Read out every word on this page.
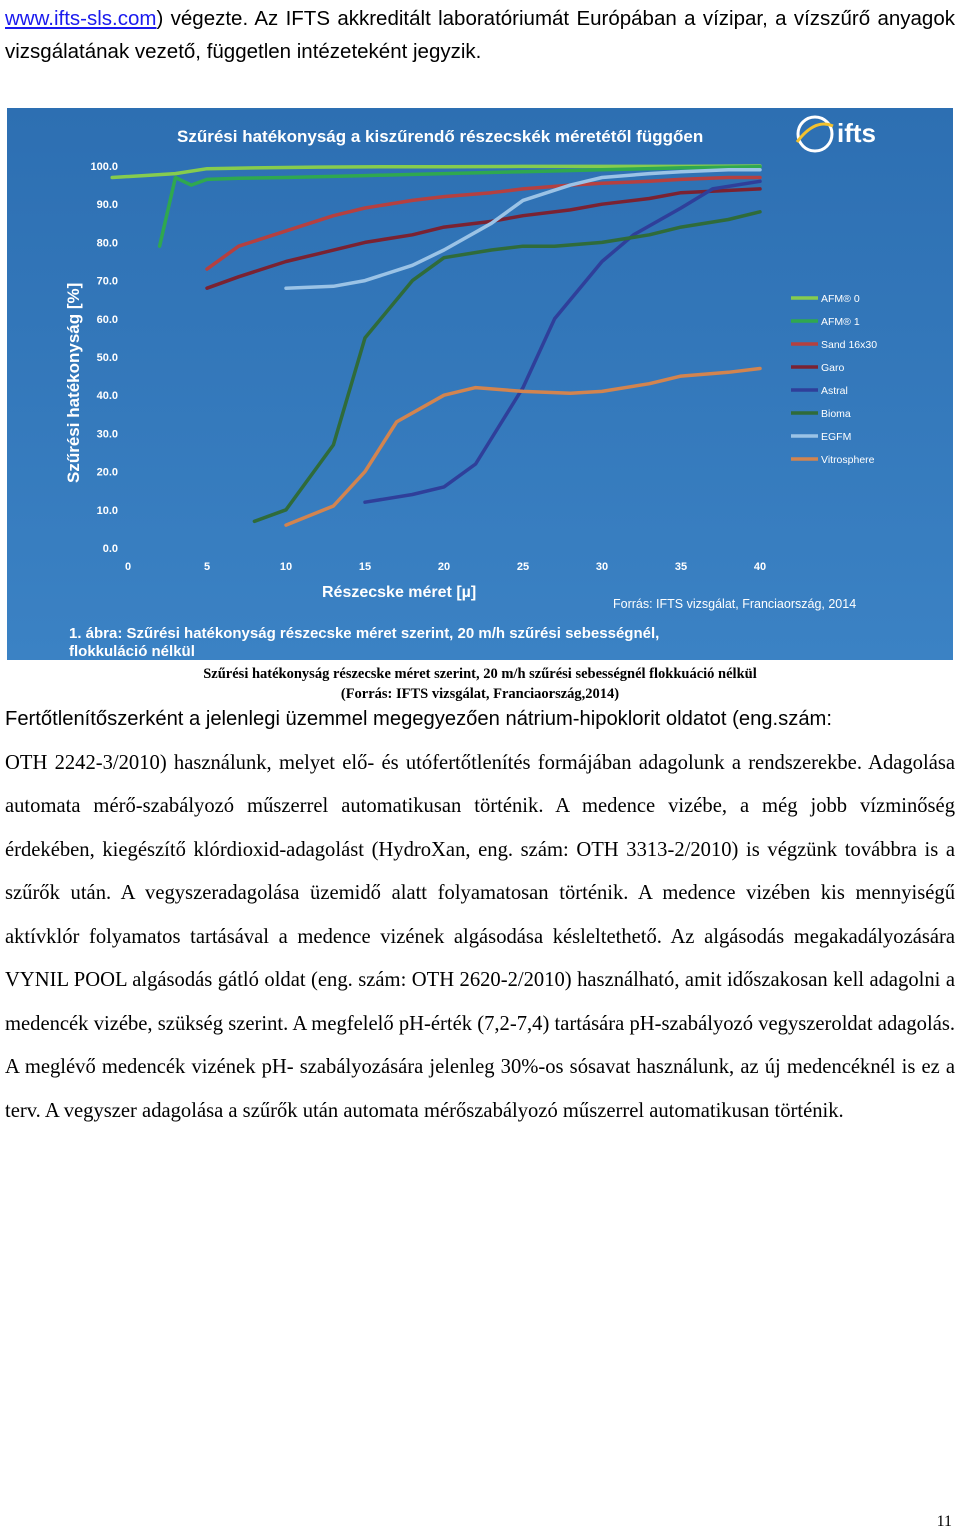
www.ifts-sls.com) végezte. Az IFTS akkreditált laboratóriumát Európában a vízipar, a vízszűrő anyagok vizsgálatának vezető, független intézeteként jegyzik.
Szűrési hatékonyság a kiszűrendő részecskék méretétől függően	ifts
Szűrési hatékonyság [%]
Részecske méret [µ]
Forrás: IFTS vizsgálat, Franciaország, 2014
1. ábra: Szűrési hatékonyság részecske méret szerint, 20 m/h szűrési sebességnél,
flokkuláció nélkül
100.0
90.0
80.0
70.0
60.0
50.0
40.0
30.0
20.0
10.0
0.0
0	5	10	15	20	25	30	35	40
AFM® 0
AFM® 1
Sand 16x30
Garo
Astral
Bioma
EGFM
Vitrosphere
Szűrési hatékonyság részecske méret szerint, 20 m/h szűrési sebességnél flokkuáció nélkül
(Forrás: IFTS vizsgálat, Franciaország,2014)
Fertőtlenítőszerként a jelenlegi üzemmel megegyezően nátrium-hipoklorit oldatot (eng.szám:
OTH 2242-3/2010) használunk, melyet elő- és utófertőtlenítés formájában adagolunk a rendszerekbe. Adagolása automata mérő-szabályozó műszerrel automatikusan történik. A medence vizébe, a még jobb vízminőség érdekében, kiegészítő klórdioxid-adagolást (HydroXan, eng. szám: OTH 3313-2/2010) is végzünk továbbra is a szűrők után. A vegyszeradagolása üzemidő alatt folyamatosan történik. A medence vizében kis mennyiségű aktívklór folyamatos tartásával a medence vizének algásodása késleltethető. Az algásodás megakadályozására VYNIL POOL algásodás gátló oldat (eng. szám: OTH 2620-2/2010) használható, amit időszakosan kell adagolni a medencék vizébe, szükség szerint. A megfelelő pH-érték (7,2-7,4) tartására pH-szabályozó vegyszeroldat adagolás. A meglévő medencék vizének pH- szabályozására jelenleg 30%-os sósavat használunk, az új medencéknél is ez a terv. A vegyszer adagolása a szűrők után automata mérőszabályozó műszerrel automatikusan történik.
11
